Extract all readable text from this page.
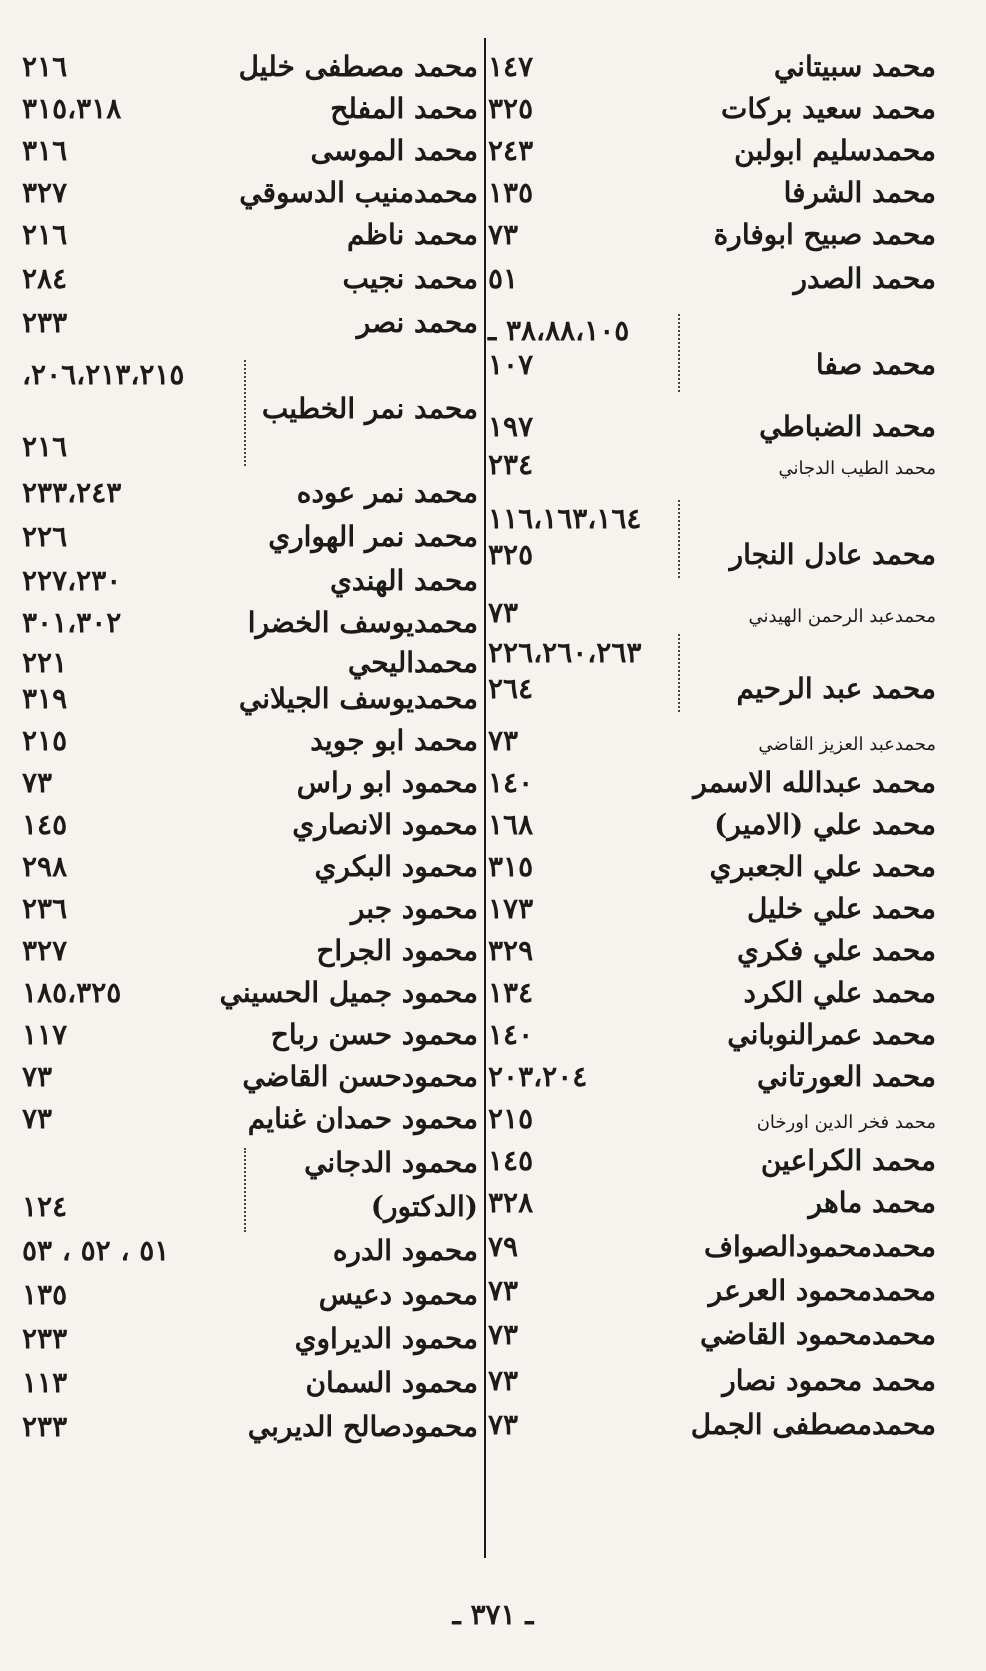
محمد سبيتاني
١٤٧
محمد سعيد بركات
٣٢٥
محمدسليم ابولبن
٢٤٣
محمد الشرفا
١٣٥
محمد صبيح ابوفارة
٧٣
محمد الصدر
٥١
٣٨،٨٨،١٠٥ ـ
محمد صفا
١٠٧
محمد الضباطي
١٩٧
محمد الطيب الدجاني
٢٣٤
١١٦،١٦٣،١٦٤
محمد عادل النجار
٣٢٥
محمدعبد الرحمن الهيدني
٧٣
٢٢٦،٢٦٠،٢٦٣
محمد عبد الرحيم
٢٦٤
محمدعبد العزيز القاضي
٧٣
محمد عبدالله الاسمر
١٤٠
محمد علي (الامير)
١٦٨
محمد علي الجعبري
٣١٥
محمد علي خليل
١٧٣
محمد علي فكري
٣٢٩
محمد علي الكرد
١٣٤
محمد عمرالنوباني
١٤٠
محمد العورتاني
٢٠٣،٢٠٤
محمد فخر الدين اورخان
٢١٥
محمد الكراعين
١٤٥
محمد ماهر
٣٢٨
محمدمحمودالصواف
٧٩
محمدمحمود العرعر
٧٣
محمدمحمود القاضي
٧٣
محمد محمود نصار
٧٣
محمدمصطفى الجمل
٧٣
محمد مصطفى خليل
٢١٦
محمد المفلح
٣١٥،٣١٨
محمد الموسى
٣١٦
محمدمنيب الدسوقي
٣٢٧
محمد ناظم
٢١٦
محمد نجيب
٢٨٤
محمد نصر
٢٣٣
٢٠٦،٢١٣،٢١٥،
محمد نمر الخطيب
٢١٦
محمد نمر عوده
٢٣٣،٢٤٣
محمد نمر الهواري
٢٢٦
محمد الهندي
٢٢٧،٢٣٠
محمديوسف الخضرا
٣٠١،٣٠٢
محمداليحي
٢٢١
محمديوسف الجيلاني
٣١٩
محمد ابو جويد
٢١٥
محمود ابو راس
٧٣
محمود الانصاري
١٤٥
محمود البكري
٢٩٨
محمود جبر
٢٣٦
محمود الجراح
٣٢٧
محمود جميل الحسيني
١٨٥،٣٢٥
محمود حسن رباح
١١٧
محمودحسن القاضي
٧٣
محمود حمدان غنايم
٧٣
محمود الدجاني
(الدكتور)
١٢٤
محمود الدره
٥١ ، ٥٢ ، ٥٣
محمود دعيس
١٣٥
محمود الديراوي
٢٣٣
محمود السمان
١١٣
محمودصالح الديربي
٢٣٣
ـ ٣٧١ ـ
